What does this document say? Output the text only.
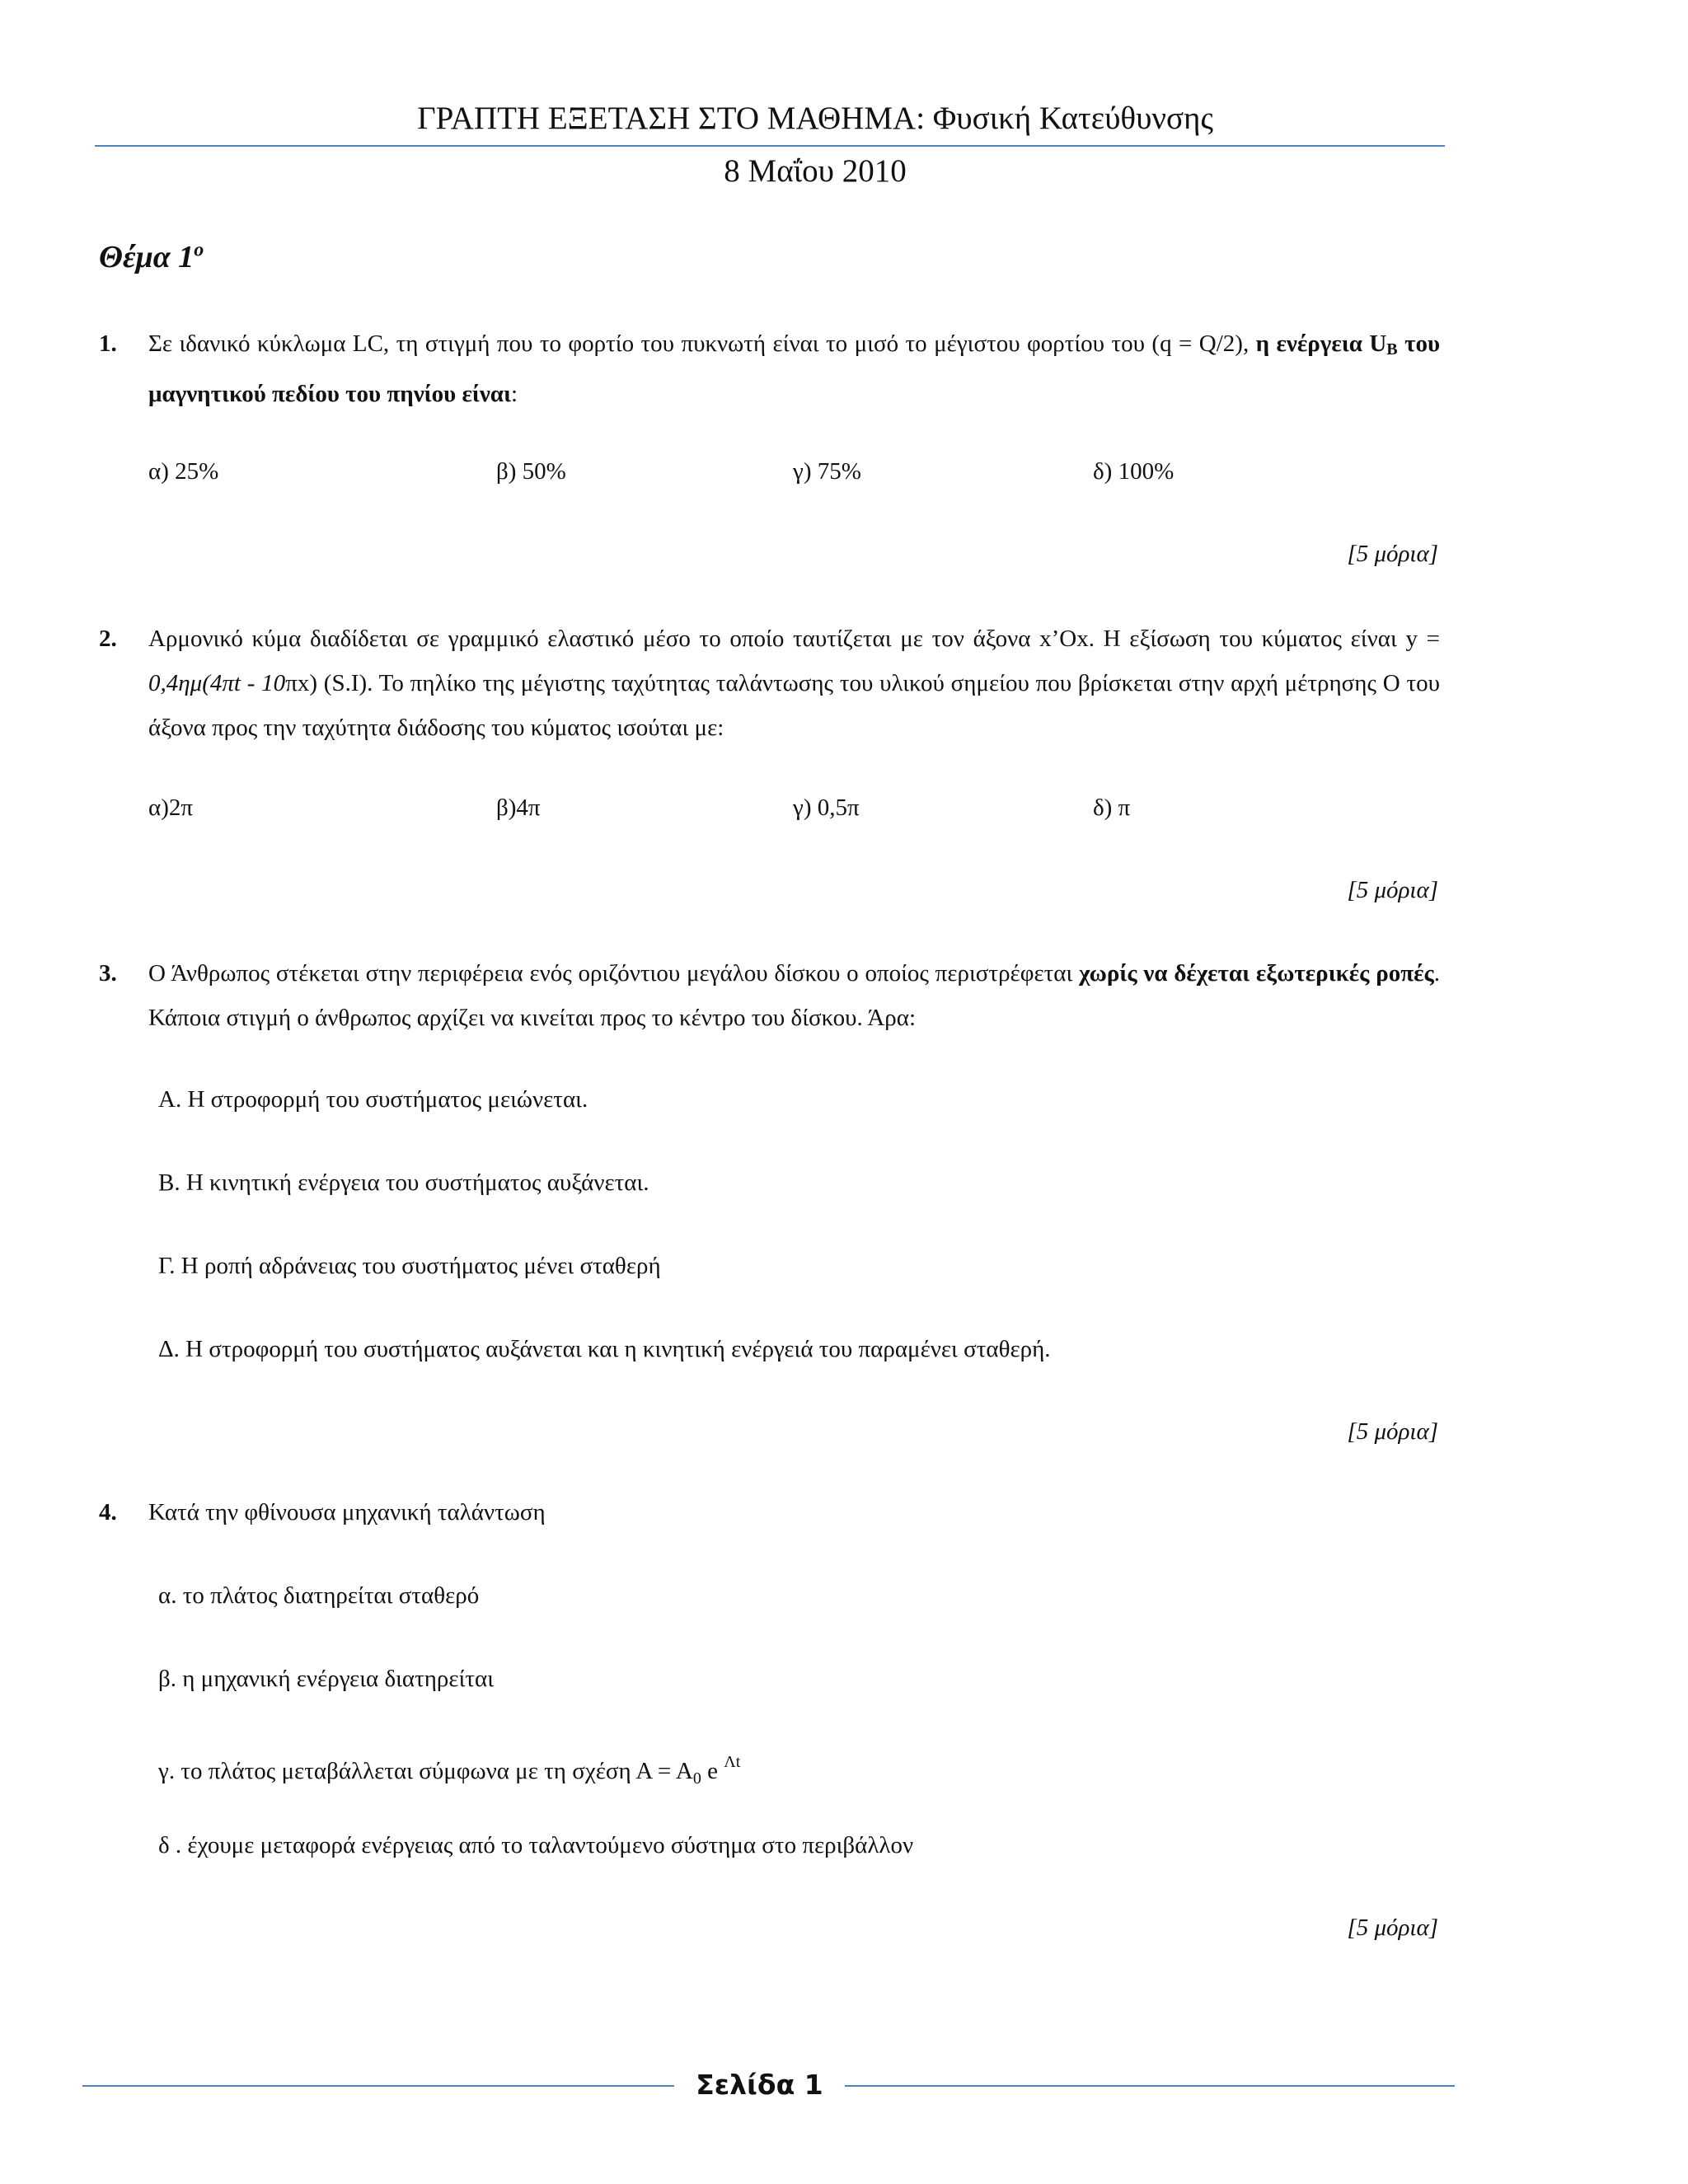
ΓΡΑΠΤΗ ΕΞΕΤΑΣΗ ΣΤΟ ΜΑΘΗΜΑ: Φυσική Κατεύθυνσης
8 Μαΐου 2010
Θέμα $1^o$
1.	Σε ιδανικό κύκλωμα LC, τη στιγμή που το φορτίο του πυκνωτή είναι το μισό το μέγιστου φορτίου του (q = Q/2), η ενέργεια UB του μαγνητικού πεδίου του πηνίου είναι:
α) 25%	β) 50%	γ) 75%	δ) 100%
[5 μόρια]
2.	Αρμονικό κύμα διαδίδεται σε γραμμικό ελαστικό μέσο το οποίο ταυτίζεται με τον άξονα x’Ox. Η εξίσωση του κύματος είναι y = 0,4ημ(4πt - 10πx) (S.I). Το πηλίκο της μέγιστης ταχύτητας ταλάντωσης του υλικού σημείου που βρίσκεται στην αρχή μέτρησης Ο του άξονα προς την ταχύτητα διάδοσης του κύματος ισούται με:
α)2π	β)4π	γ) 0,5π	δ) π
[5 μόρια]
3.	Ο Άνθρωπος στέκεται στην περιφέρεια ενός οριζόντιου μεγάλου δίσκου ο οποίος περιστρέφεται χωρίς να δέχεται εξωτερικές ροπές. Κάποια στιγμή ο άνθρωπος αρχίζει να κινείται προς το κέντρο του δίσκου. Άρα:
Α. Η στροφορμή του συστήματος μειώνεται.
Β. Η κινητική ενέργεια του συστήματος αυξάνεται.
Γ. Η ροπή αδράνειας του συστήματος μένει σταθερή
Δ. Η στροφορμή του συστήματος αυξάνεται και η κινητική ενέργειά του παραμένει σταθερή.
[5 μόρια]
4.	Κατά την φθίνουσα μηχανική ταλάντωση
α. το πλάτος διατηρείται σταθερό
β. η μηχανική ενέργεια διατηρείται
γ. το πλάτος μεταβάλλεται σύμφωνα με τη σχέση $A = A_0$ e $^{\Lambda t}$
δ . έχουμε μεταφορά ενέργειας από το ταλαντούμενο σύστημα στο περιβάλλον
[5 μόρια]
Σελίδα 1
